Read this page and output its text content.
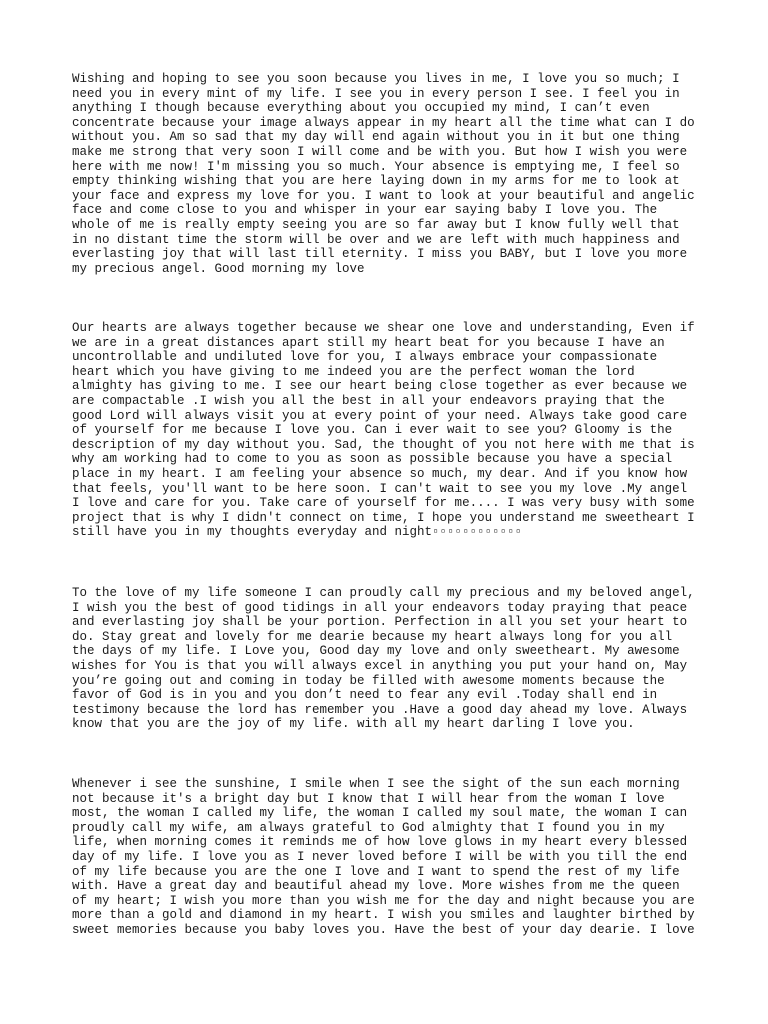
Wishing and hoping to see you soon because you lives in me, I love you so much; I
need you in every mint of my life. I see you in every person I see. I feel you in
anything I though because everything about you occupied my mind, I can’t even
concentrate because your image always appear in my heart all the time what can I do
without you. Am so sad that my day will end again without you in it but one thing
make me strong that very soon I will come and be with you. But how I wish you were
here with me now! I'm missing you so much. Your absence is emptying me, I feel so
empty thinking wishing that you are here laying down in my arms for me to look at
your face and express my love for you. I want to look at your beautiful and angelic
face and come close to you and whisper in your ear saying baby I love you. The
whole of me is really empty seeing you are so far away but I know fully well that
in no distant time the storm will be over and we are left with much happiness and
everlasting joy that will last till eternity. I miss you BABY, but I love you more
my precious angel. Good morning my love

Our hearts are always together because we shear one love and understanding, Even if
we are in a great distances apart still my heart beat for you because I have an
uncontrollable and undiluted love for you, I always embrace your compassionate
heart which you have giving to me indeed you are the perfect woman the lord
almighty has giving to me. I see our heart being close together as ever because we
are compactable .I wish you all the best in all your endeavors praying that the
good Lord will always visit you at every point of your need. Always take good care
of yourself for me because I love you. Can i ever wait to see you? Gloomy is the
description of my day without you. Sad, the thought of you not here with me that is
why am working had to come to you as soon as possible because you have a special
place in my heart. I am feeling your absence so much, my dear. And if you know how
that feels, you'll want to be here soon. I can't wait to see you my love .My angel
I love and care for you. Take care of yourself for me.... I was very busy with some
project that is why I didn't connect on time, I hope you understand me sweetheart I
still have you in my thoughts everyday and night▫▫▫▫▫▫▫▫▫▫▫▫

To the love of my life someone I can proudly call my precious and my beloved angel,
I wish you the best of good tidings in all your endeavors today praying that peace
and everlasting joy shall be your portion. Perfection in all you set your heart to
do. Stay great and lovely for me dearie because my heart always long for you all
the days of my life. I Love you, Good day my love and only sweetheart. My awesome
wishes for You is that you will always excel in anything you put your hand on, May
you’re going out and coming in today be filled with awesome moments because the
favor of God is in you and you don’t need to fear any evil .Today shall end in
testimony because the lord has remember you .Have a good day ahead my love. Always
know that you are the joy of my life. with all my heart darling I love you.

Whenever i see the sunshine, I smile when I see the sight of the sun each morning
not because it's a bright day but I know that I will hear from the woman I love
most, the woman I called my life, the woman I called my soul mate, the woman I can
proudly call my wife, am always grateful to God almighty that I found you in my
life, when morning comes it reminds me of how love glows in my heart every blessed
day of my life. I love you as I never loved before I will be with you till the end
of my life because you are the one I love and I want to spend the rest of my life
with. Have a great day and beautiful ahead my love. More wishes from me the queen
of my heart; I wish you more than you wish me for the day and night because you are
more than a gold and diamond in my heart. I wish you smiles and laughter birthed by
sweet memories because you baby loves you. Have the best of your day dearie. I love
